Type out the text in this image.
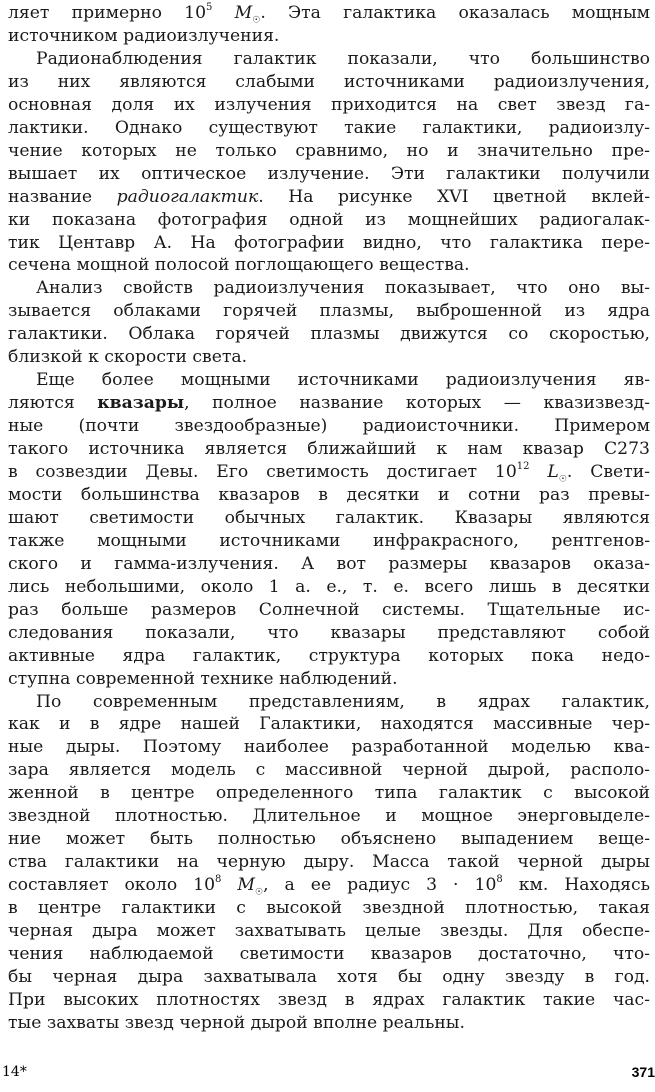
ляет примерно $10^5$ $M_☉$. Эта галактика оказалась мощным
источником радиоизлучения.
Радионаблюдения галактик показали, что большинство
из них являются слабыми источниками радиоизлучения,
основная доля их излучения приходится на свет звезд га-
лактики. Однако существуют такие галактики, радиоизлу-
чение которых не только сравнимо, но и значительно пре-
вышает их оптическое излучение. Эти галактики получили
название радиогалактик. На рисунке XVI цветной вклей-
ки показана фотография одной из мощнейших радиогалак-
тик Центавр А. На фотографии видно, что галактика пере-
сечена мощной полосой поглощающего вещества.
Анализ свойств радиоизлучения показывает, что оно вы-
зывается облаками горячей плазмы, выброшенной из ядра
галактики. Облака горячей плазмы движутся со скоростью,
близкой к скорости света.
Еще более мощными источниками радиоизлучения яв-
ляются квазары, полное название которых — квазизвезд-
ные (почти звездообразные) радиоисточники. Примером
такого источника является ближайший к нам квазар С273
в созвездии Девы. Его светимость достигает $10^{12}$ $L_☉$. Свети-
мости большинства квазаров в десятки и сотни раз превы-
шают светимости обычных галактик. Квазары являются
также мощными источниками инфракрасного, рентгенов-
ского и гамма-излучения. А вот размеры квазаров оказа-
лись небольшими, около 1 а. е., т. е. всего лишь в десятки
раз больше размеров Солнечной системы. Тщательные ис-
следования показали, что квазары представляют собой
активные ядра галактик, структура которых пока недо-
ступна современной технике наблюдений.
По современным представлениям, в ядрах галактик,
как и в ядре нашей Галактики, находятся массивные чер-
ные дыры. Поэтому наиболее разработанной моделью ква-
зара является модель с массивной черной дырой, располо-
женной в центре определенного типа галактик с высокой
звездной плотностью. Длительное и мощное энерговыделе-
ние может быть полностью объяснено выпадением веще-
ства галактики на черную дыру. Масса такой черной дыры
составляет около $10^8$ $M_☉$, а ее радиус $3 \cdot 10^8$ км. Находясь
в центре галактики с высокой звездной плотностью, такая
черная дыра может захватывать целые звезды. Для обеспе-
чения наблюдаемой светимости квазаров достаточно, что-
бы черная дыра захватывала хотя бы одну звезду в год.
При высоких плотностях звезд в ядрах галактик такие час-
тые захваты звезд черной дырой вполне реальны.
14*	371
